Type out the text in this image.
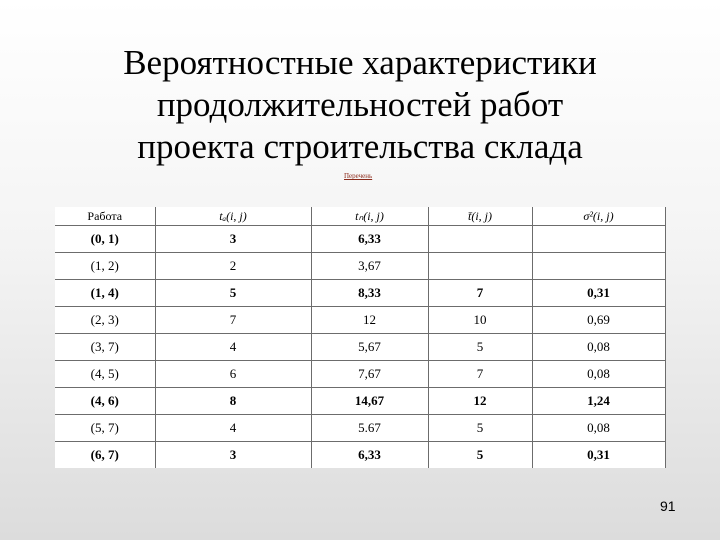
Вероятностные характеристики
продолжительностей работ
проекта строительства склада
Перечень
Работа	tₐ(i, j)	tₙ(i, j)	t̄(i, j)	σ²(i, j)
(0, 1)	3	6,33		
(1, 2)	2	3,67		
(1, 4)	5	8,33	7	0,31
(2, 3)	7	12	10	0,69
(3, 7)	4	5,67	5	0,08
(4, 5)	6	7,67	7	0,08
(4, 6)	8	14,67	12	1,24
(5, 7)	4	5.67	5	0,08
(6, 7)	3	6,33	5	0,31
91
